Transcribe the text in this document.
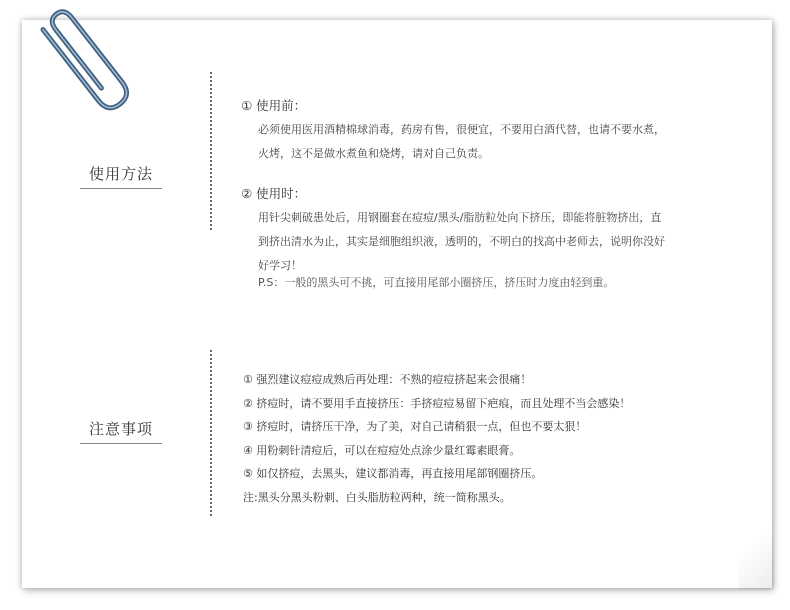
使用方法
① 使用前：
必须使用医用酒精棉球消毒，药房有售，很便宜，不要用白酒代替，也请不要水煮，
火烤，这不是做水煮鱼和烧烤，请对自己负责。
② 使用时：
用针尖刺破患处后，用钢圈套在痘痘/黑头/脂肪粒处向下挤压，即能将脏物挤出，直
到挤出清水为止，其实是细胞组织液，透明的，不明白的找高中老师去，说明你没好
好学习！
P.S：一般的黑头可不挑，可直接用尾部小圈挤压，挤压时力度由轻到重。
注意事项
① 强烈建议痘痘成熟后再处理：不熟的痘痘挤起来会很痛！
② 挤痘时，请不要用手直接挤压：手挤痘痘易留下疤痕，而且处理不当会感染！
③ 挤痘时，请挤压干净，为了美，对自己请稍狠一点，但也不要太狠！
④ 用粉刺针清痘后，可以在痘痘处点涂少量红霉素眼膏。
⑤ 如仅挤痘，去黑头，建议都消毒，再直接用尾部钢圈挤压。
注:黑头分黑头粉刺、白头脂肪粒两种，统一简称黑头。
